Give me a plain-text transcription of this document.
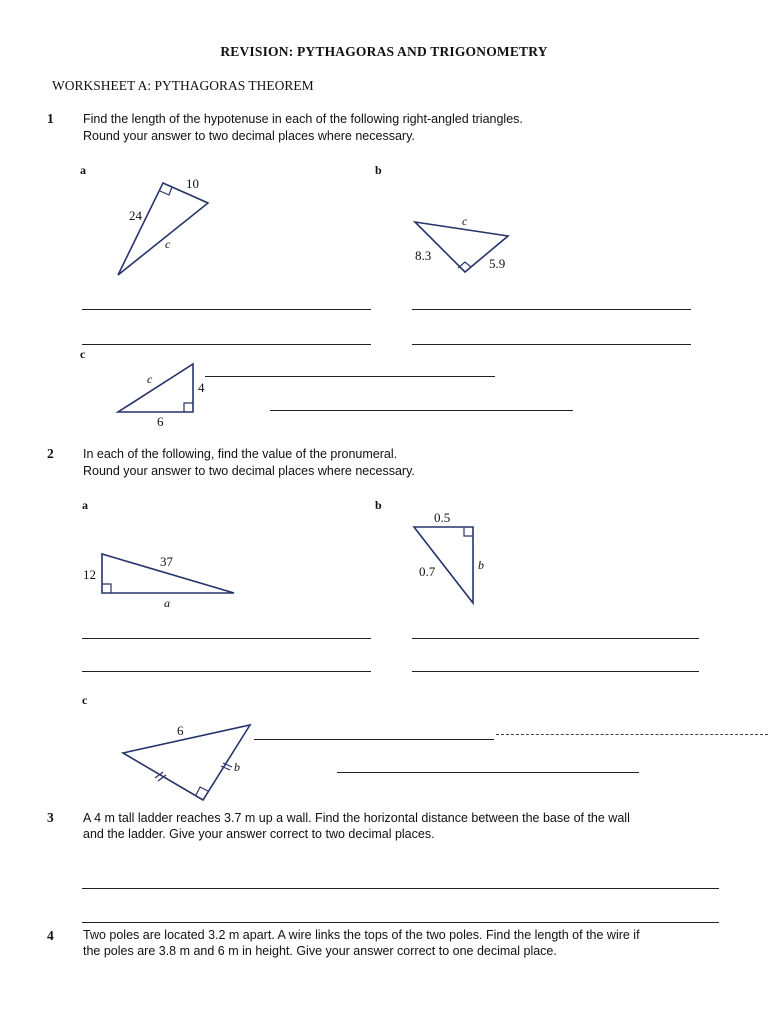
REVISION: PYTHAGORAS AND TRIGONOMETRY
WORKSHEET A: PYTHAGORAS THEOREM
1 Find the length of the hypotenuse in each of the following right-angled triangles.
Round your answer to two decimal places where necessary.
a	b
10
24
c
c
8.3
5.9
c
c
4
6
2 In each of the following, find the value of the pronumeral.
Round your answer to two decimal places where necessary.
a	b
37
12
a
0.5
0.7	b
c
6
b
3 A 4 m tall ladder reaches 3.7 m up a wall. Find the horizontal distance between the base of the wall
and the ladder. Give your answer correct to two decimal places.
4 Two poles are located 3.2 m apart. A wire links the tops of the two poles. Find the length of the wire if
the poles are 3.8 m and 6 m in height. Give your answer correct to one decimal place.
